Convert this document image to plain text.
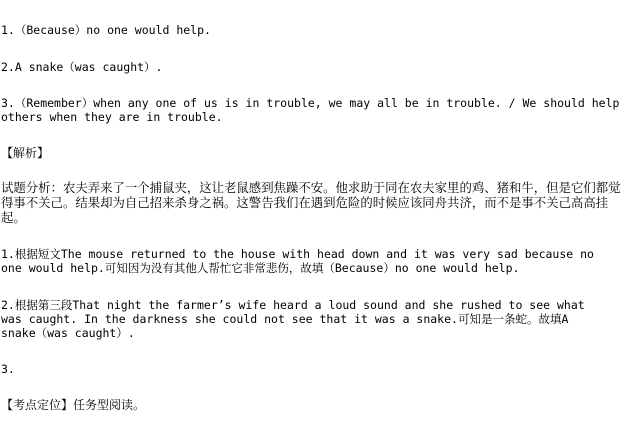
1.（Because）no one would help.
2.A snake（was caught）.
3.（Remember）when any one of us is in trouble, we may all be in trouble. / We should help
others when they are in trouble.
【解析】
试题分析：农夫弄来了一个捕鼠夹，这让老鼠感到焦躁不安。他求助于同在农夫家里的鸡、猪和牛，但是它们都觉得事不关己。结果却为自己招来杀身之祸。这警告我们在遇到危险的时候应该同舟共济，而不是事不关己高高挂起。
1.根据短文The mouse returned to the house with head down and it was very sad because no
one would help.可知因为没有其他人帮忙它非常悲伤，故填（Because）no one would help.
2.根据第三段That night the farmer’s wife heard a loud sound and she rushed to see what
was caught. In the darkness she could not see that it was a snake.可知是一条蛇。故填A
snake（was caught）.
3.
【考点定位】任务型阅读。
